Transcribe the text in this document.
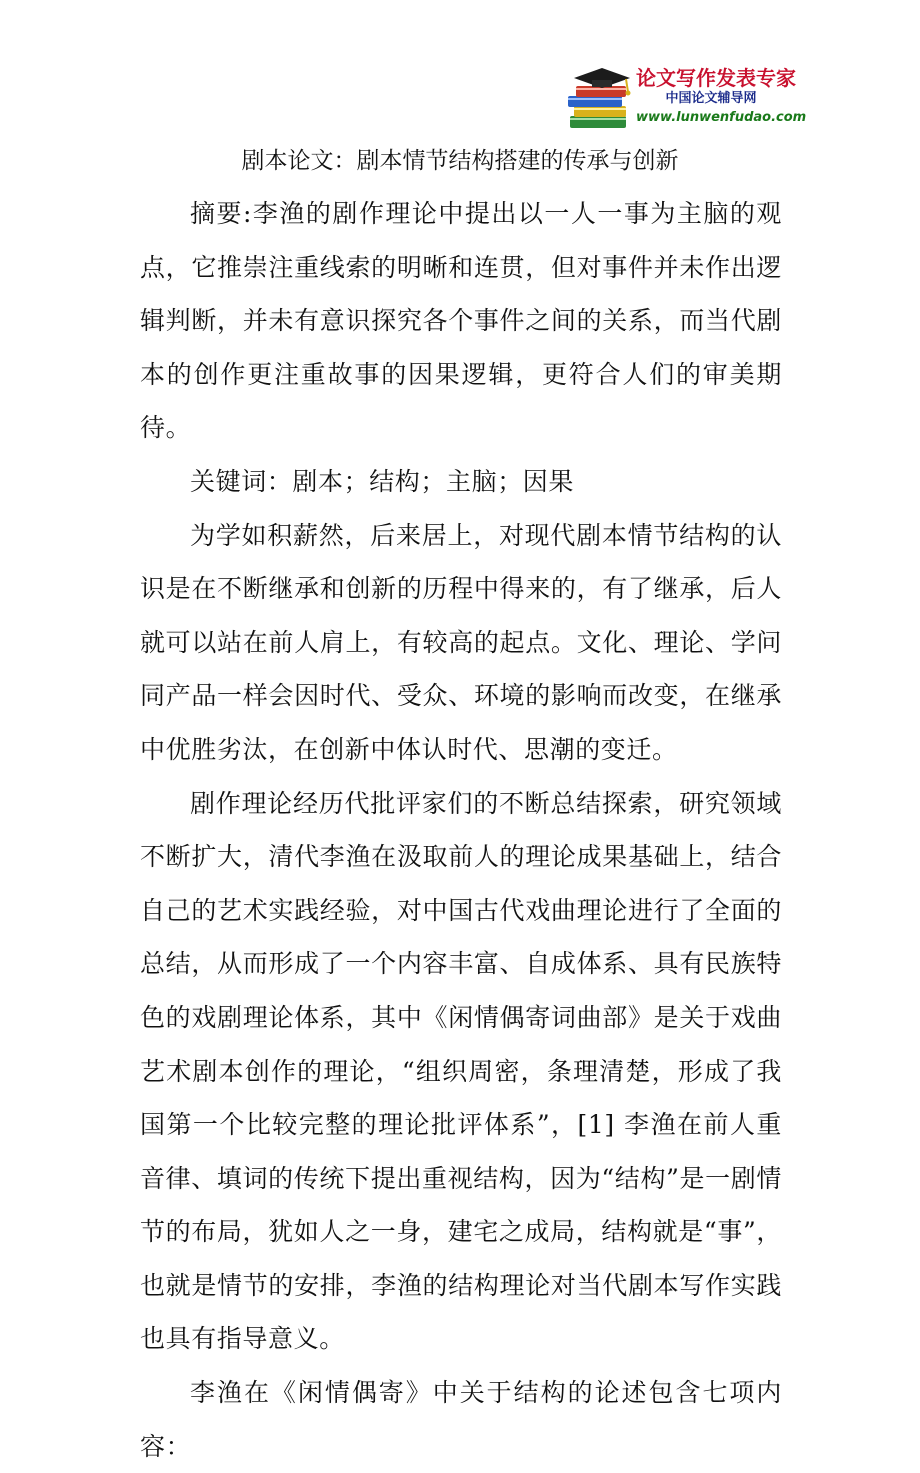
论文写作发表专家
中国论文辅导网
www.lunwenfudao.com
剧本论文：剧本情节结构搭建的传承与创新

摘要:李渔的剧作理论中提出以一人一事为主脑的观点，它推崇注重线索的明晰和连贯，但对事件并未作出逻辑判断，并未有意识探究各个事件之间的关系，而当代剧本的创作更注重故事的因果逻辑，更符合人们的审美期待。

关键词：剧本；结构；主脑；因果

为学如积薪然，后来居上，对现代剧本情节结构的认识是在不断继承和创新的历程中得来的，有了继承，后人就可以站在前人肩上，有较高的起点。文化、理论、学问同产品一样会因时代、受众、环境的影响而改变，在继承中优胜劣汰，在创新中体认时代、思潮的变迁。

剧作理论经历代批评家们的不断总结探索，研究领域不断扩大，清代李渔在汲取前人的理论成果基础上，结合自己的艺术实践经验，对中国古代戏曲理论进行了全面的总结，从而形成了一个内容丰富、自成体系、具有民族特色的戏剧理论体系，其中《闲情偶寄词曲部》是关于戏曲艺术剧本创作的理论，“组织周密，条理清楚，形成了我国第一个比较完整的理论批评体系”，[1] 李渔在前人重音律、填词的传统下提出重视结构，因为“结构”是一剧情节的布局，犹如人之一身，建宅之成局，结构就是“事”，也就是情节的安排，李渔的结构理论对当代剧本写作实践也具有指导意义。

李渔在《闲情偶寄》中关于结构的论述包含七项内容：
